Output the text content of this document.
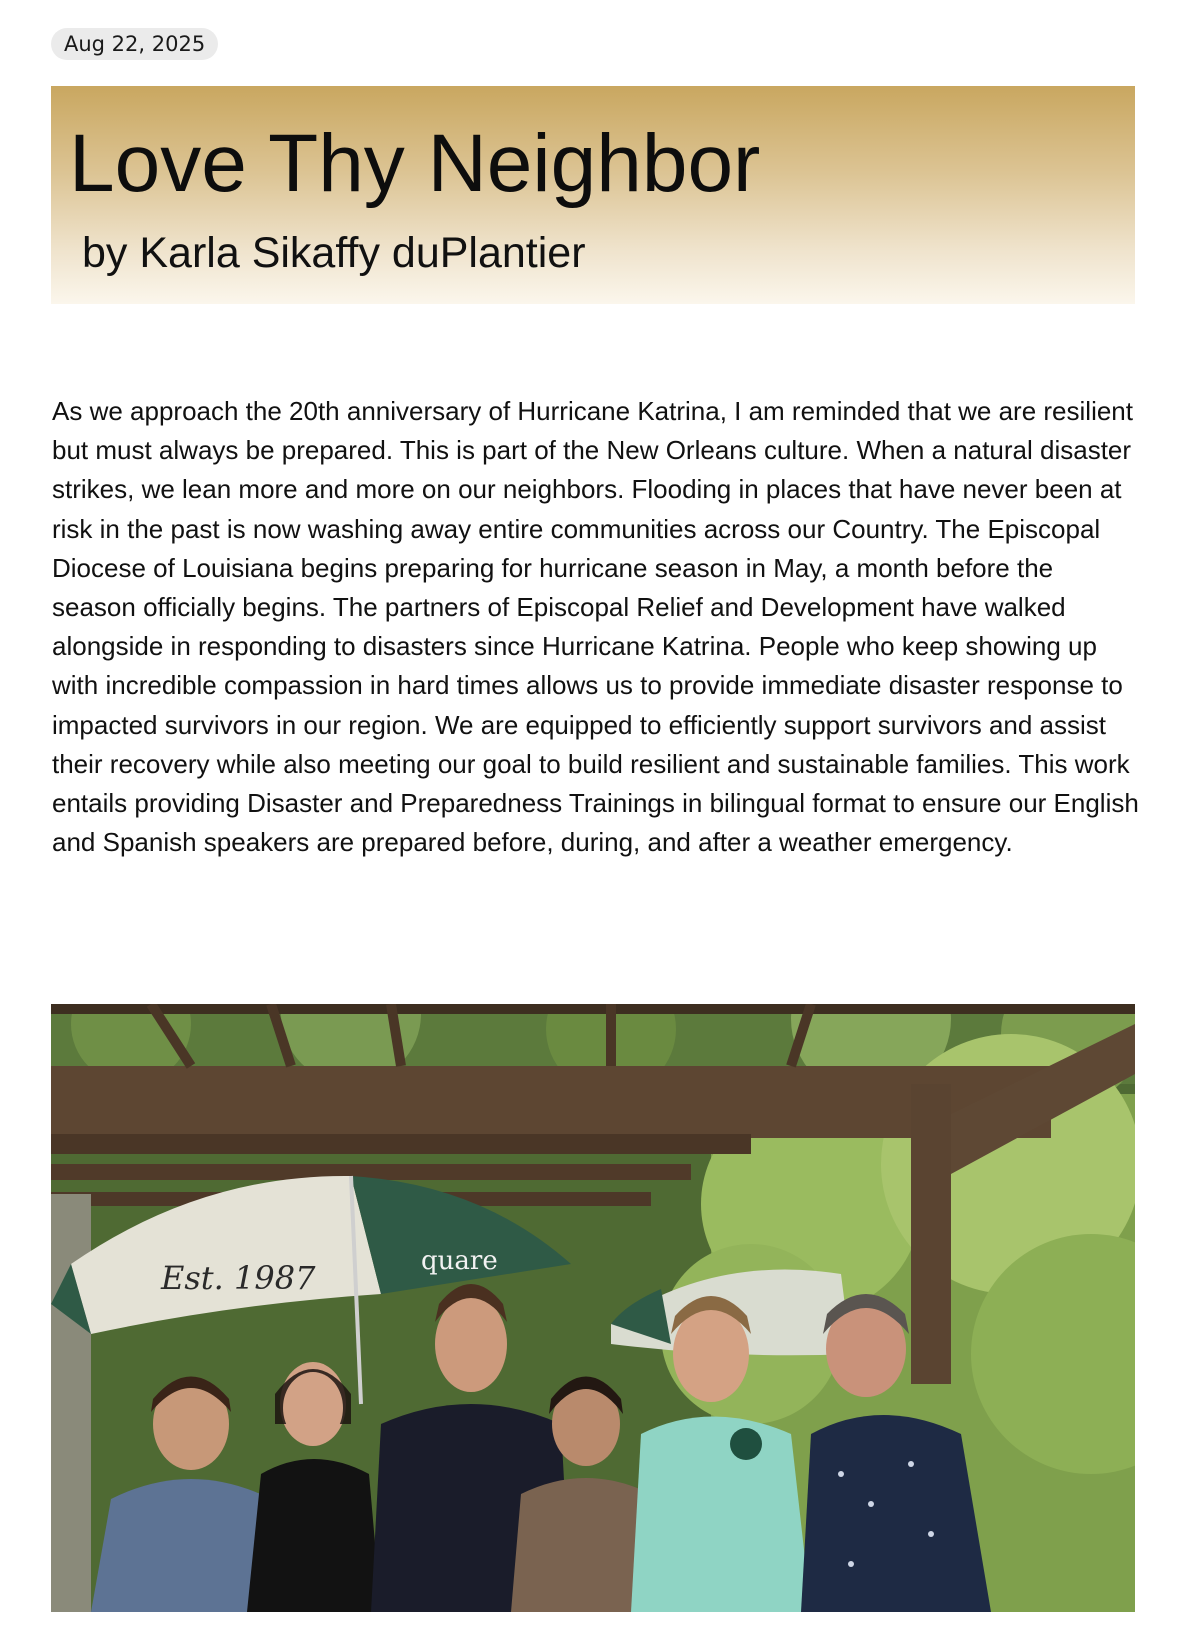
Aug 22, 2025
Love Thy Neighbor
by Karla Sikaffy duPlantier

As we approach the 20th anniversary of Hurricane Katrina, I am reminded that we are resilient but must always be prepared. This is part of the New Orleans culture. When a natural disaster strikes, we lean more and more on our neighbors. Flooding in places that have never been at risk in the past is now washing away entire communities across our Country. The Episcopal Diocese of Louisiana begins preparing for hurricane season in May, a month before the season officially begins. The partners of Episcopal Relief and Development have walked alongside in responding to disasters since Hurricane Katrina. People who keep showing up with incredible compassion in hard times allows us to provide immediate disaster response to impacted survivors in our region. We are equipped to efficiently support survivors and assist their recovery while also meeting our goal to build resilient and sustainable families. This work entails providing Disaster and Preparedness Trainings in bilingual format to ensure our English and Spanish speakers are prepared before, during, and after a weather emergency.

Est. 1987	quare
